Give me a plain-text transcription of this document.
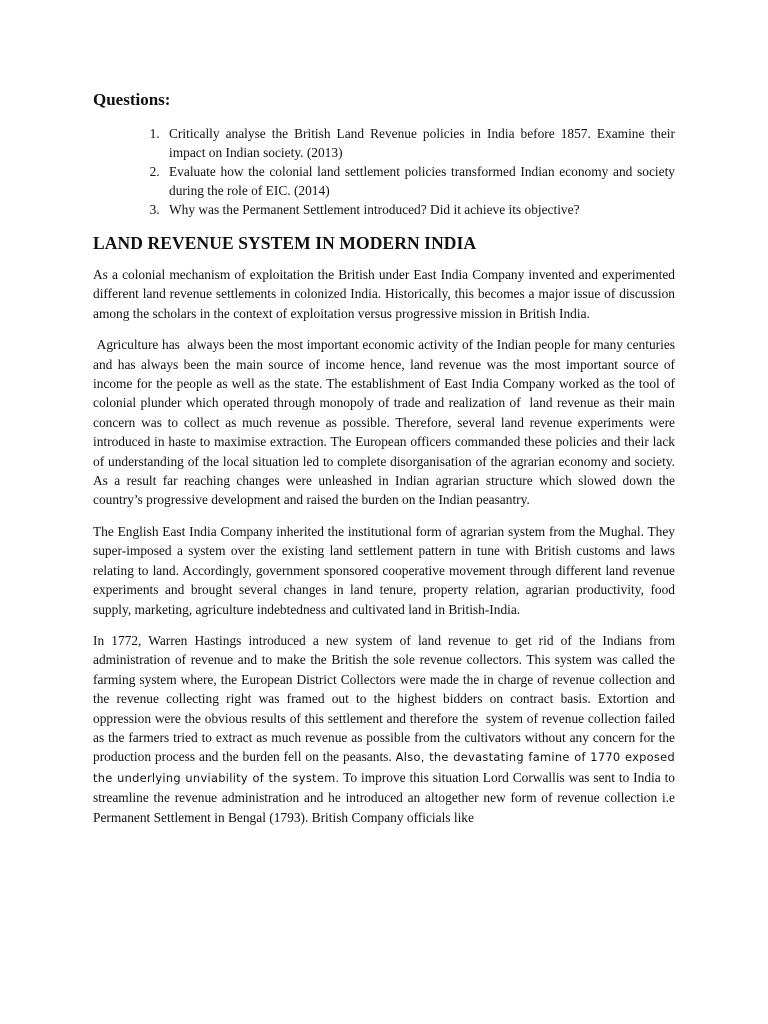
Questions:
1. Critically analyse the British Land Revenue policies in India before 1857. Examine their impact on Indian society. (2013)
2. Evaluate how the colonial land settlement policies transformed Indian economy and society during the role of EIC. (2014)
3. Why was the Permanent Settlement introduced? Did it achieve its objective?
LAND REVENUE SYSTEM IN MODERN INDIA

As a colonial mechanism of exploitation the British under East India Company invented and experimented different land revenue settlements in colonized India. Historically, this becomes a major issue of discussion among the scholars in the context of exploitation versus progressive mission in British India.

Agriculture has  always been the most important economic activity of the Indian people for many centuries and has always been the main source of income hence, land revenue was the most important source of income for the people as well as the state. The establishment of East India Company worked as the tool of colonial plunder which operated through monopoly of trade and realization of  land revenue as their main concern was to collect as much revenue as possible. Therefore, several land revenue experiments were introduced in haste to maximise extraction. The European officers commanded these policies and their lack of understanding of the local situation led to complete disorganisation of the agrarian economy and society. As a result far reaching changes were unleashed in Indian agrarian structure which slowed down the country’s progressive development and raised the burden on the Indian peasantry.

The English East India Company inherited the institutional form of agrarian system from the Mughal. They super-imposed a system over the existing land settlement pattern in tune with British customs and laws relating to land. Accordingly, government sponsored cooperative movement through different land revenue experiments and brought several changes in land tenure, property relation, agrarian productivity, food supply, marketing, agriculture indebtedness and cultivated land in British-India.

In 1772, Warren Hastings introduced a new system of land revenue to get rid of the Indians from administration of revenue and to make the British the sole revenue collectors. This system was called the farming system where, the European District Collectors were made the in charge of revenue collection and the revenue collecting right was framed out to the highest bidders on contract basis. Extortion and oppression were the obvious results of this settlement and therefore the  system of revenue collection failed as the farmers tried to extract as much revenue as possible from the cultivators without any concern for the production process and the burden fell on the peasants. Also, the devastating famine of 1770 exposed the underlying unviability of the system. To improve this situation Lord Corwallis was sent to India to streamline the revenue administration and he introduced an altogether new form of revenue collection i.e Permanent Settlement in Bengal (1793). British Company officials like
